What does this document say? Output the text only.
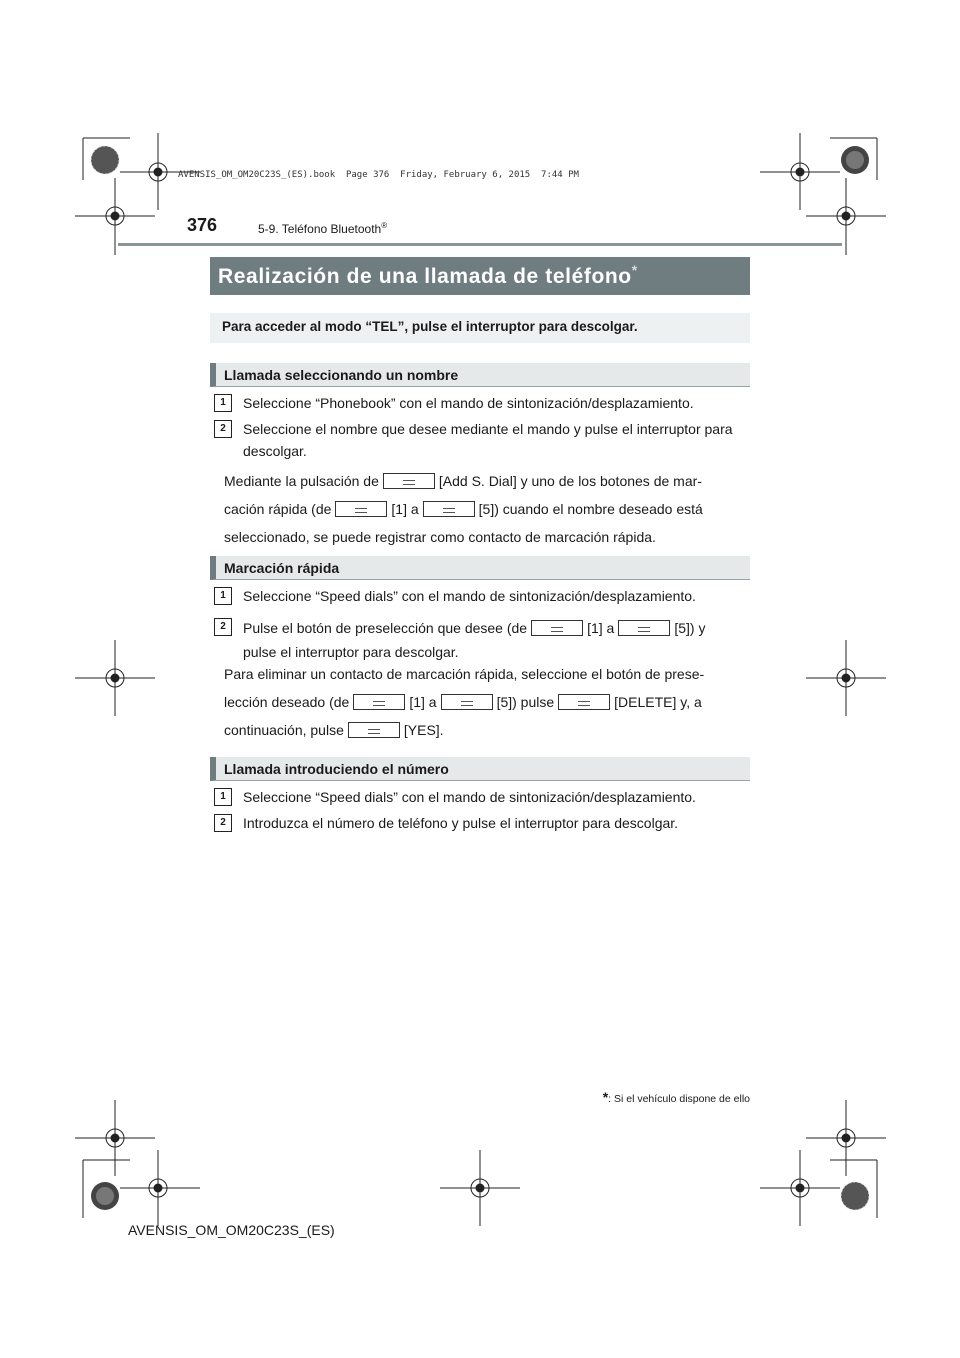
AVENSIS_OM_OM20C23S_(ES).book  Page 376  Friday, February 6, 2015  7:44 PM
376	5-9. Teléfono Bluetooth®
Realización de una llamada de teléfono*
Para acceder al modo “TEL”, pulse el interruptor para descolgar.
Llamada seleccionando un nombre
1	Seleccione “Phonebook” con el mando de sintonización/desplazamiento.
2	Seleccione el nombre que desee mediante el mando y pulse el interruptor para descolgar.
Mediante la pulsación de	[Add S. Dial] y uno de los botones de mar-
cación rápida (de	[1] a	[5]) cuando el nombre deseado está
seleccionado, se puede registrar como contacto de marcación rápida.
Marcación rápida
1	Seleccione “Speed dials” con el mando de sintonización/desplazamiento.
2	Pulse el botón de preselección que desee (de	[1] a	[5]) y
pulse el interruptor para descolgar.
Para eliminar un contacto de marcación rápida, seleccione el botón de prese-
lección deseado (de	[1] a	[5]) pulse	[DELETE] y, a
continuación, pulse	[YES].
Llamada introduciendo el número
1	Seleccione “Speed dials” con el mando de sintonización/desplazamiento.
2	Introduzca el número de teléfono y pulse el interruptor para descolgar.
*: Si el vehículo dispone de ello
AVENSIS_OM_OM20C23S_(ES)
